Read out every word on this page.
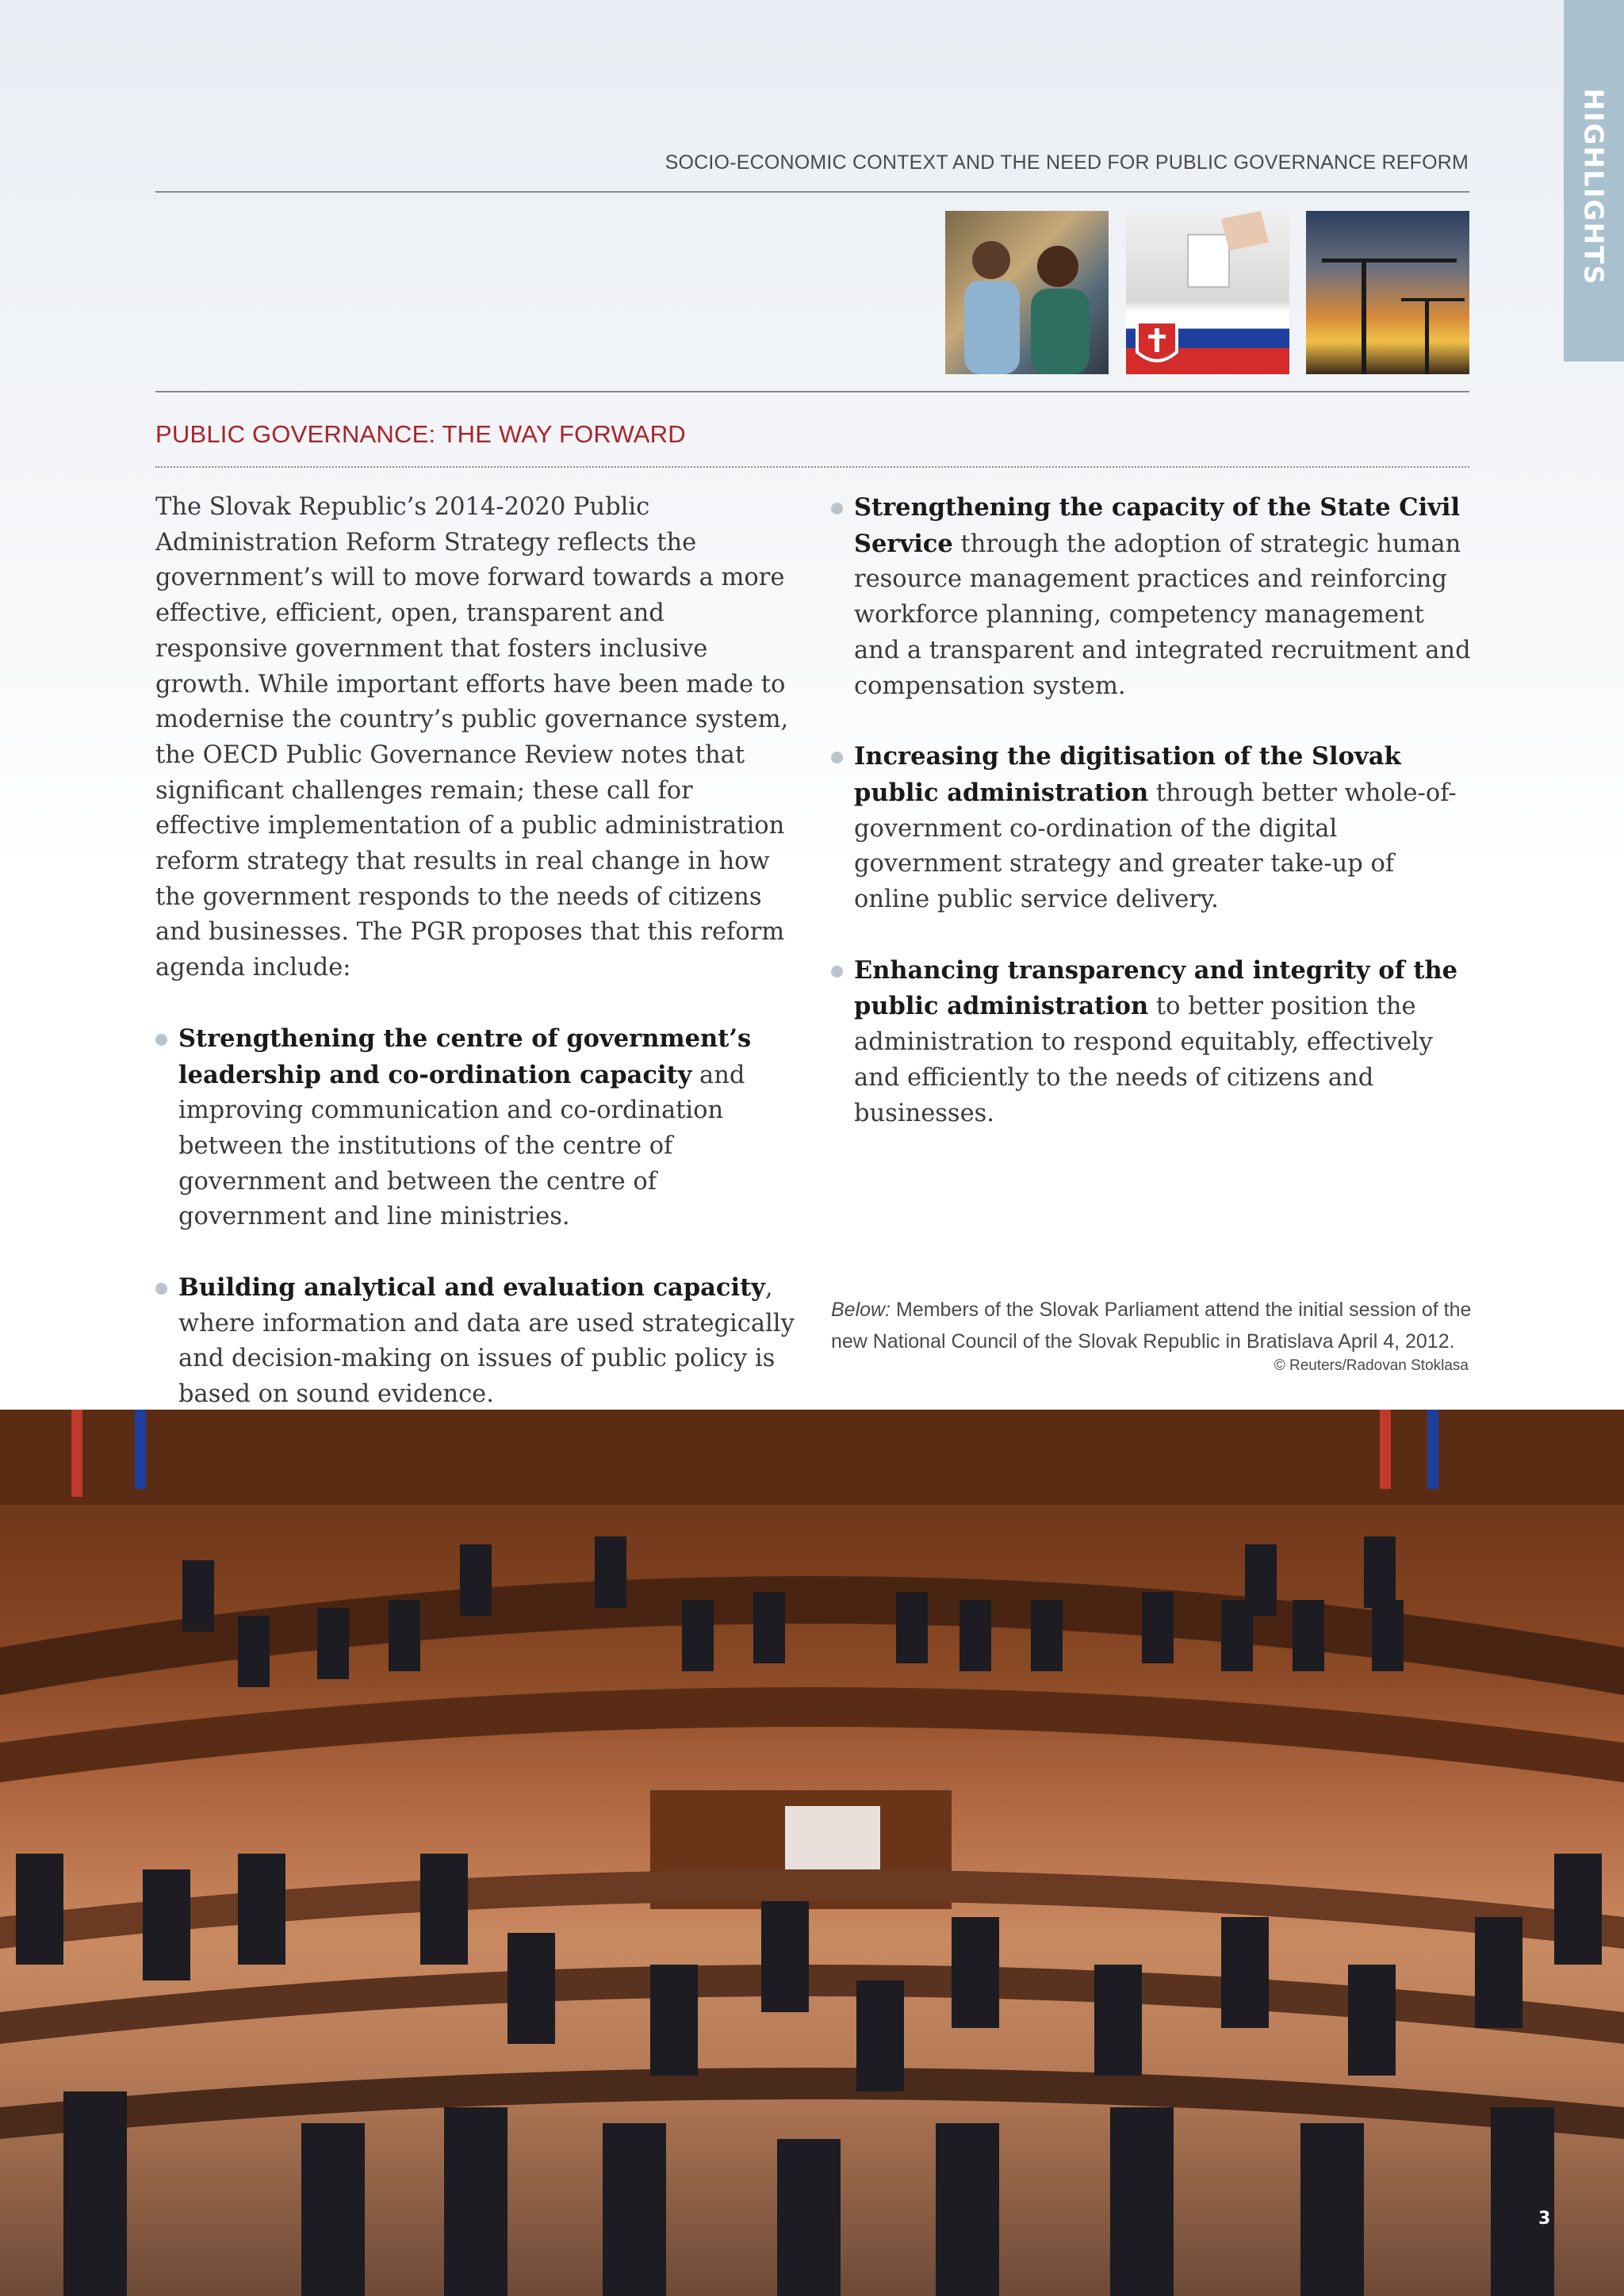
HIGHLIGHTS
SOCIO-ECONOMIC CONTEXT AND THE NEED FOR PUBLIC GOVERNANCE REFORM
PUBLIC GOVERNANCE: THE WAY FORWARD

The Slovak Republic’s 2014-2020 Public Administration Reform Strategy reflects the government’s will to move forward towards a more effective, efficient, open, transparent and responsive government that fosters inclusive growth. While important efforts have been made to modernise the country’s public governance system, the OECD Public Governance Review notes that significant challenges remain; these call for effective implementation of a public administration reform strategy that results in real change in how the government responds to the needs of citizens and businesses. The PGR proposes that this reform agenda include:

Strengthening the centre of government’s leadership and co-ordination capacity and improving communication and co-ordination between the institutions of the centre of government and between the centre of government and line ministries.
Building analytical and evaluation capacity, where information and data are used strategically and decision-making on issues of public policy is based on sound evidence.
Strengthening the capacity of the State Civil Service through the adoption of strategic human resource management practices and reinforcing workforce planning, competency management and a transparent and integrated recruitment and compensation system.
Increasing the digitisation of the Slovak public administration through better whole-of-government co-ordination of the digital government strategy and greater take-up of online public service delivery.
Enhancing transparency and integrity of the public administration to better position the administration to respond equitably, effectively and efficiently to the needs of citizens and businesses.
Below: Members of the Slovak Parliament attend the initial session of the new National Council of the Slovak Republic in Bratislava April 4, 2012.
© Reuters/Radovan Stoklasa
3
